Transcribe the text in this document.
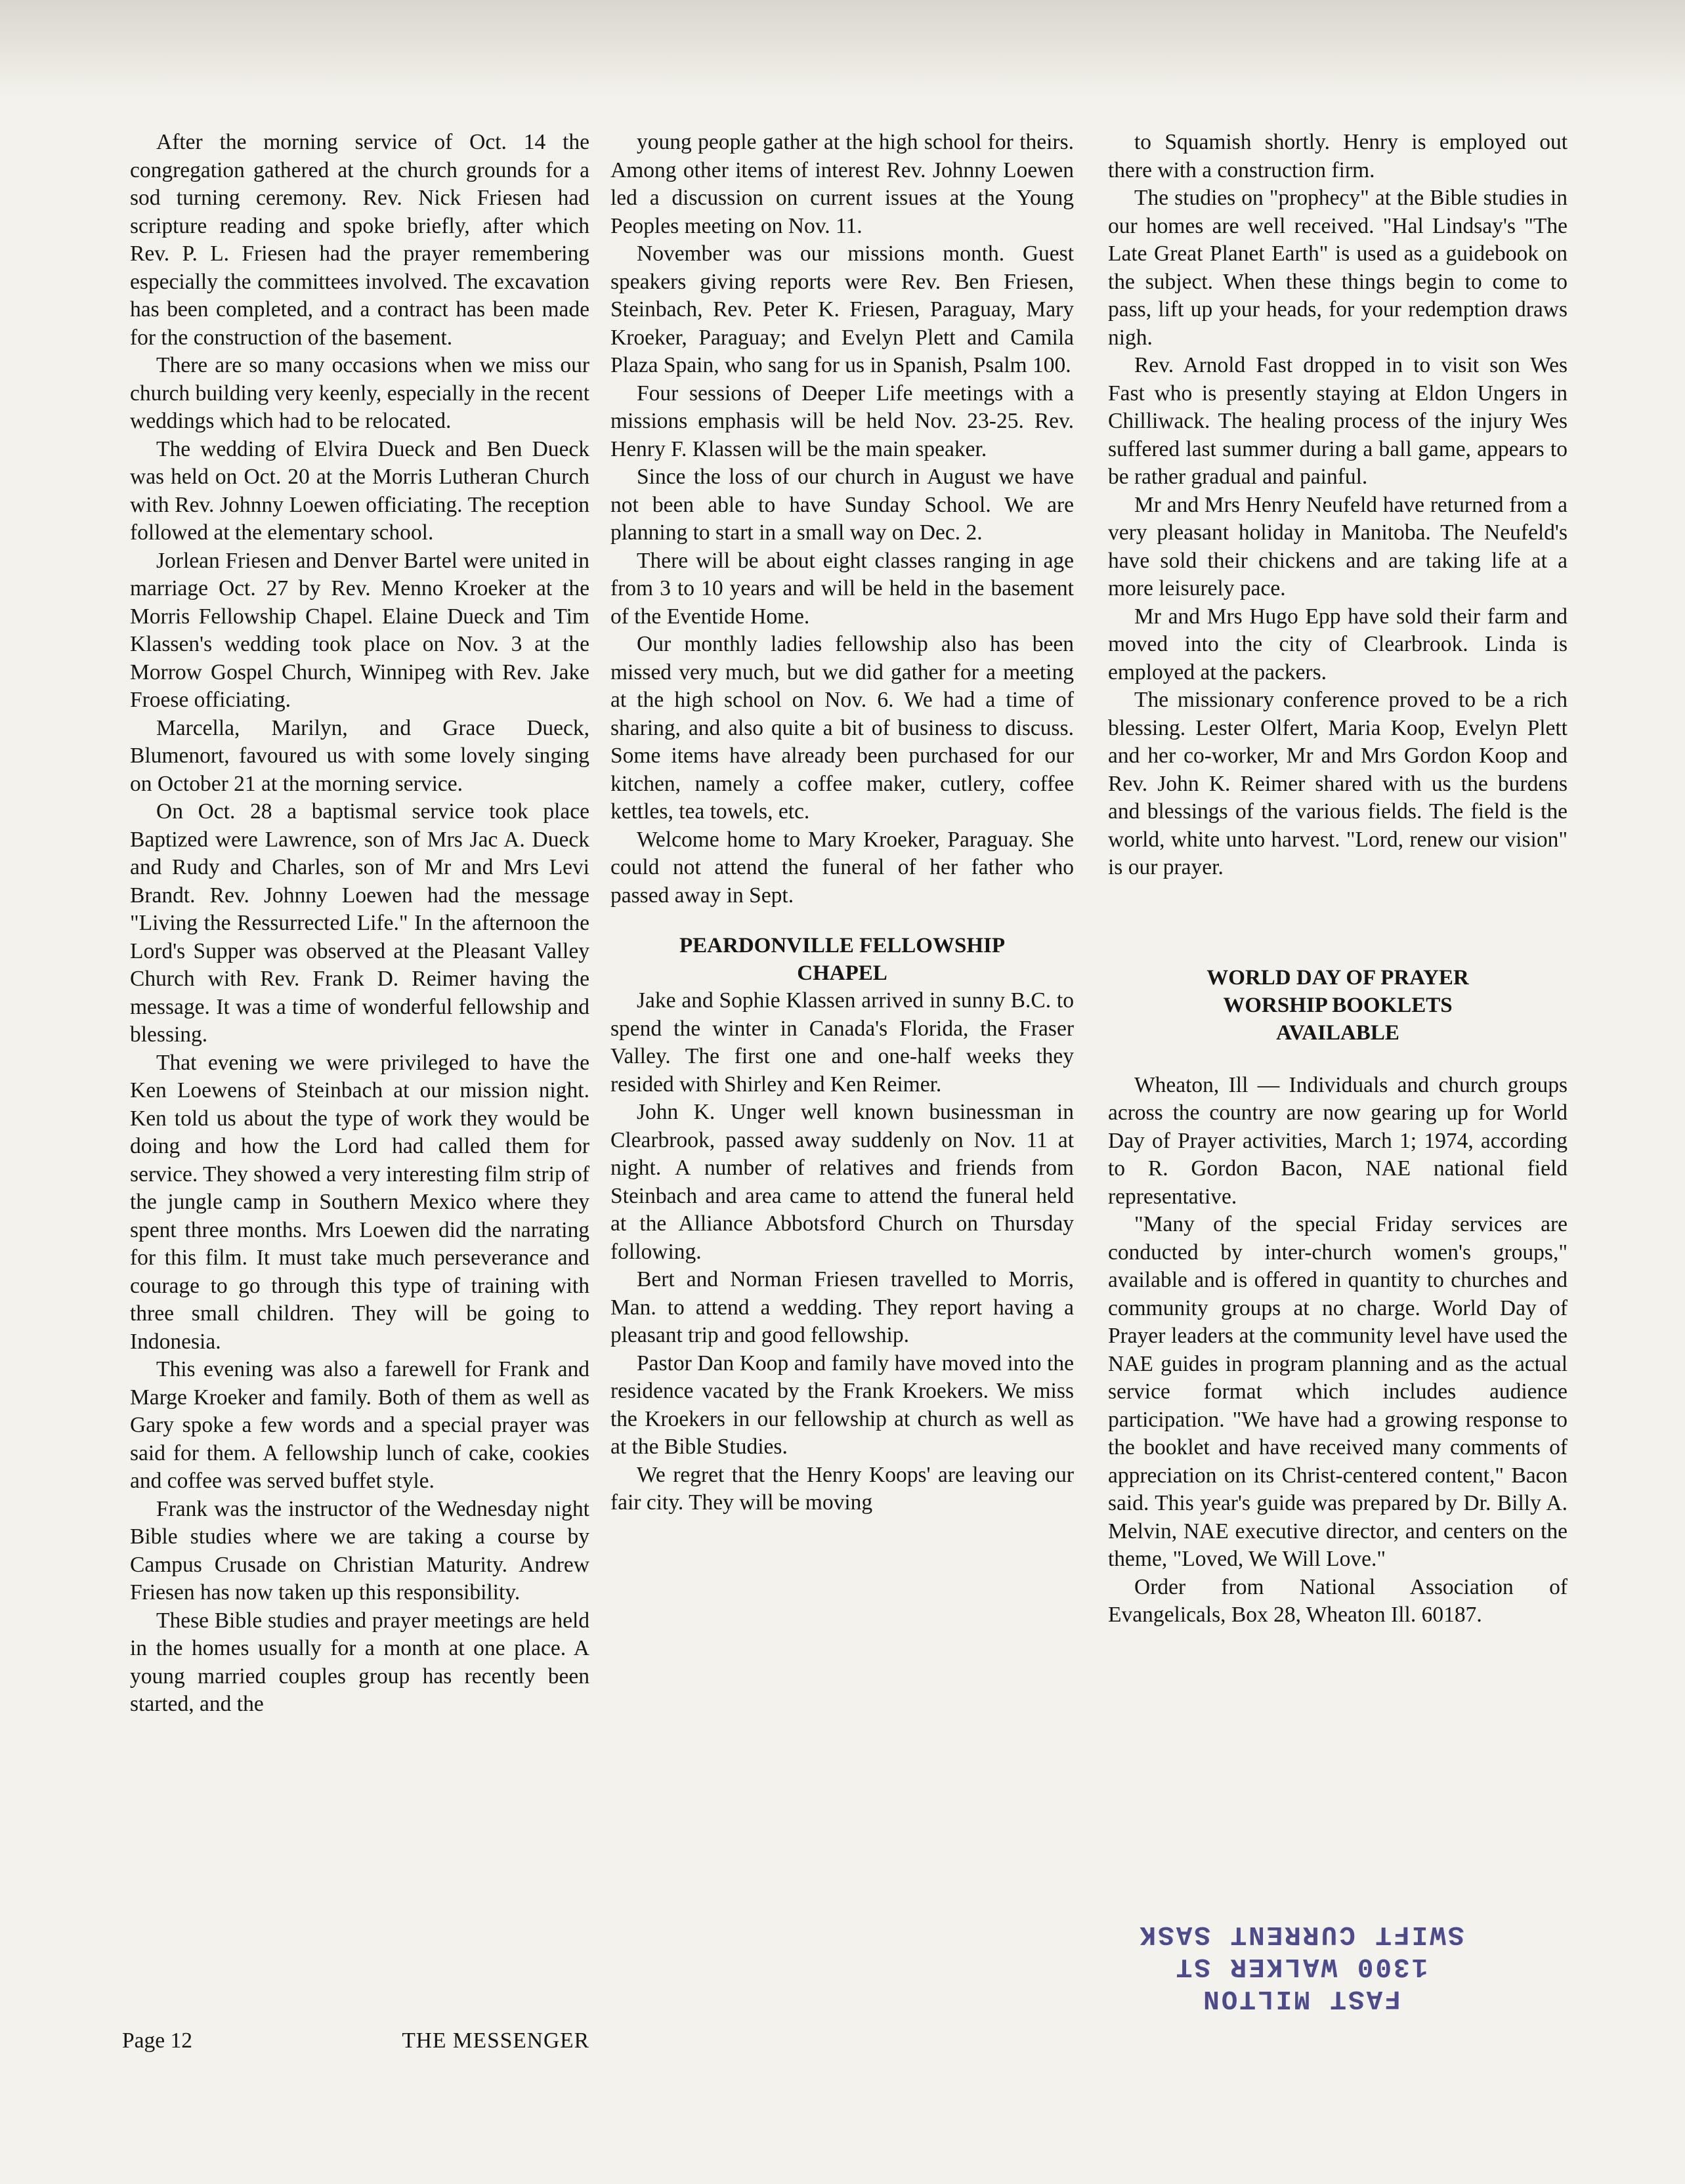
After the morning service of Oct. 14 the congregation gathered at the church grounds for a sod turning ceremony. Rev. Nick Friesen had scripture reading and spoke briefly, after which Rev. P. L. Friesen had the prayer remembering especially the committees involved. The excavation has been completed, and a contract has been made for the construction of the basement.

There are so many occasions when we miss our church building very keenly, especially in the recent weddings which had to be relocated.

The wedding of Elvira Dueck and Ben Dueck was held on Oct. 20 at the Morris Lutheran Church with Rev. Johnny Loewen officiating. The reception followed at the elementary school.

Jorlean Friesen and Denver Bartel were united in marriage Oct. 27 by Rev. Menno Kroeker at the Morris Fellowship Chapel. Elaine Dueck and Tim Klassen's wedding took place on Nov. 3 at the Morrow Gospel Church, Winnipeg with Rev. Jake Froese officiating.

Marcella, Marilyn, and Grace Dueck, Blumenort, favoured us with some lovely singing on October 21 at the morning service.

On Oct. 28 a baptismal service took place Baptized were Lawrence, son of Mrs Jac A. Dueck and Rudy and Charles, son of Mr and Mrs Levi Brandt. Rev. Johnny Loewen had the message "Living the Ressurrected Life." In the afternoon the Lord's Supper was observed at the Pleasant Valley Church with Rev. Frank D. Reimer having the message. It was a time of wonderful fellowship and blessing.

That evening we were privileged to have the Ken Loewens of Steinbach at our mission night. Ken told us about the type of work they would be doing and how the Lord had called them for service. They showed a very interesting film strip of the jungle camp in Southern Mexico where they spent three months. Mrs Loewen did the narrating for this film. It must take much perseverance and courage to go through this type of training with three small children. They will be going to Indonesia.

This evening was also a farewell for Frank and Marge Kroeker and family. Both of them as well as Gary spoke a few words and a special prayer was said for them. A fellowship lunch of cake, cookies and coffee was served buffet style.

Frank was the instructor of the Wednesday night Bible studies where we are taking a course by Campus Crusade on Christian Maturity. Andrew Friesen has now taken up this responsibility.

These Bible studies and prayer meetings are held in the homes usually for a month at one place. A young married couples group has recently been started, and the

young people gather at the high school for theirs. Among other items of interest Rev. Johnny Loewen led a discussion on current issues at the Young Peoples meeting on Nov. 11.

November was our missions month. Guest speakers giving reports were Rev. Ben Friesen, Steinbach, Rev. Peter K. Friesen, Paraguay, Mary Kroeker, Paraguay; and Evelyn Plett and Camila Plaza Spain, who sang for us in Spanish, Psalm 100.

Four sessions of Deeper Life meetings with a missions emphasis will be held Nov. 23-25. Rev. Henry F. Klassen will be the main speaker.

Since the loss of our church in August we have not been able to have Sunday School. We are planning to start in a small way on Dec. 2.

There will be about eight classes ranging in age from 3 to 10 years and will be held in the basement of the Eventide Home.

Our monthly ladies fellowship also has been missed very much, but we did gather for a meeting at the high school on Nov. 6. We had a time of sharing, and also quite a bit of business to discuss. Some items have already been purchased for our kitchen, namely a coffee maker, cutlery, coffee kettles, tea towels, etc.

Welcome home to Mary Kroeker, Paraguay. She could not attend the funeral of her father who passed away in Sept.

PEARDONVILLE FELLOWSHIP
CHAPEL

Jake and Sophie Klassen arrived in sunny B.C. to spend the winter in Canada's Florida, the Fraser Valley. The first one and one-half weeks they resided with Shirley and Ken Reimer.

John K. Unger well known businessman in Clearbrook, passed away suddenly on Nov. 11 at night. A number of relatives and friends from Steinbach and area came to attend the funeral held at the Alliance Abbotsford Church on Thursday following.

Bert and Norman Friesen travelled to Morris, Man. to attend a wedding. They report having a pleasant trip and good fellowship.

Pastor Dan Koop and family have moved into the residence vacated by the Frank Kroekers. We miss the Kroekers in our fellowship at church as well as at the Bible Studies.

We regret that the Henry Koops' are leaving our fair city. They will be moving

to Squamish shortly. Henry is employed out there with a construction firm.

The studies on "prophecy" at the Bible studies in our homes are well received. "Hal Lindsay's "The Late Great Planet Earth" is used as a guidebook on the subject. When these things begin to come to pass, lift up your heads, for your redemption draws nigh.

Rev. Arnold Fast dropped in to visit son Wes Fast who is presently staying at Eldon Ungers in Chilliwack. The healing process of the injury Wes suffered last summer during a ball game, appears to be rather gradual and painful.

Mr and Mrs Henry Neufeld have returned from a very pleasant holiday in Manitoba. The Neufeld's have sold their chickens and are taking life at a more leisurely pace.

Mr and Mrs Hugo Epp have sold their farm and moved into the city of Clearbrook. Linda is employed at the packers.

The missionary conference proved to be a rich blessing. Lester Olfert, Maria Koop, Evelyn Plett and her co-worker, Mr and Mrs Gordon Koop and Rev. John K. Reimer shared with us the burdens and blessings of the various fields. The field is the world, white unto harvest. "Lord, renew our vision" is our prayer.

WORLD DAY OF PRAYER
WORSHIP BOOKLETS
AVAILABLE

Wheaton, Ill — Individuals and church groups across the country are now gearing up for World Day of Prayer activities, March 1; 1974, according to R. Gordon Bacon, NAE national field representative.

"Many of the special Friday services are conducted by inter-church women's groups," available and is offered in quantity to churches and community groups at no charge. World Day of Prayer leaders at the community level have used the NAE guides in program planning and as the actual service format which includes audience participation. "We have had a growing response to the booklet and have received many comments of appreciation on its Christ-centered content," Bacon said. This year's guide was prepared by Dr. Billy A. Melvin, NAE executive director, and centers on the theme, "Loved, We Will Love."

Order from National Association of Evangelicals, Box 28, Wheaton Ill. 60187.

Page 12	THE MESSENGER
FAST MILTON
1300 WALKER ST
SWIFT CURRENT SASK
